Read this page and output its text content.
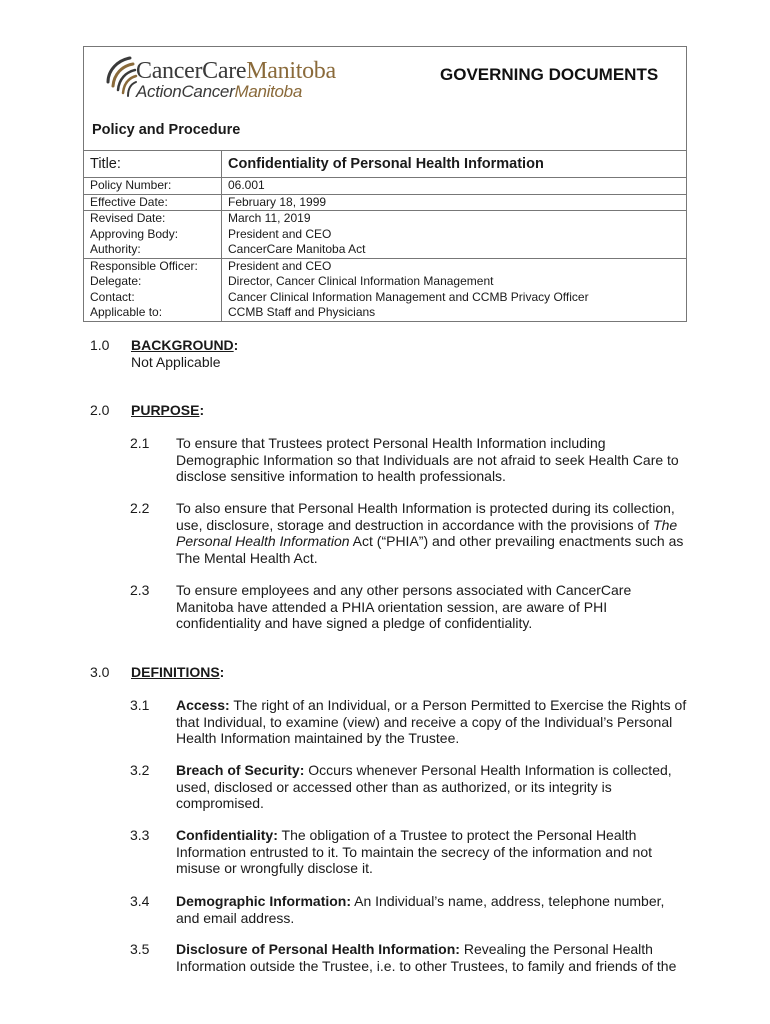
CancerCareManitoba
ActionCancerManitoba
GOVERNING DOCUMENTS
Policy and Procedure
Title:	Confidentiality of Personal Health Information
Policy Number:	06.001
Effective Date:	February 18, 1999
Revised Date:	March 11, 2019
Approving Body:	President and CEO
Authority:	CancerCare Manitoba Act
Responsible Officer:	President and CEO
Delegate:	Director, Cancer Clinical Information Management
Contact:	Cancer Clinical Information Management and CCMB Privacy Officer
Applicable to:	CCMB Staff and Physicians
1.0 BACKGROUND :
Not Applicable
2.0 PURPOSE :
2.1 To ensure that Trustees protect Personal Health Information including Demographic Information so that Individuals are not afraid to seek Health Care to disclose sensitive information to health professionals.
2.2 To also ensure that Personal Health Information is protected during its collection, use, disclosure, storage and destruction in accordance with the provisions of The Personal Health Information Act (“PHIA”) and other prevailing enactments such as The Mental Health Act.
2.3 To ensure employees and any other persons associated with CancerCare Manitoba have attended a PHIA orientation session, are aware of PHI confidentiality and have signed a pledge of confidentiality.
3.0 DEFINITIONS :
3.1 Access: The right of an Individual, or a Person Permitted to Exercise the Rights of that Individual, to examine (view) and receive a copy of the Individual’s Personal Health Information maintained by the Trustee.
3.2 Breach of Security: Occurs whenever Personal Health Information is collected, used, disclosed or accessed other than as authorized, or its integrity is compromised.
3.3 Confidentiality: The obligation of a Trustee to protect the Personal Health Information entrusted to it. To maintain the secrecy of the information and not misuse or wrongfully disclose it.
3.4 Demographic Information: An Individual’s name, address, telephone number, and email address.
3.5 Disclosure of Personal Health Information: Revealing the Personal Health Information outside the Trustee, i.e. to other Trustees, to family and friends of the
